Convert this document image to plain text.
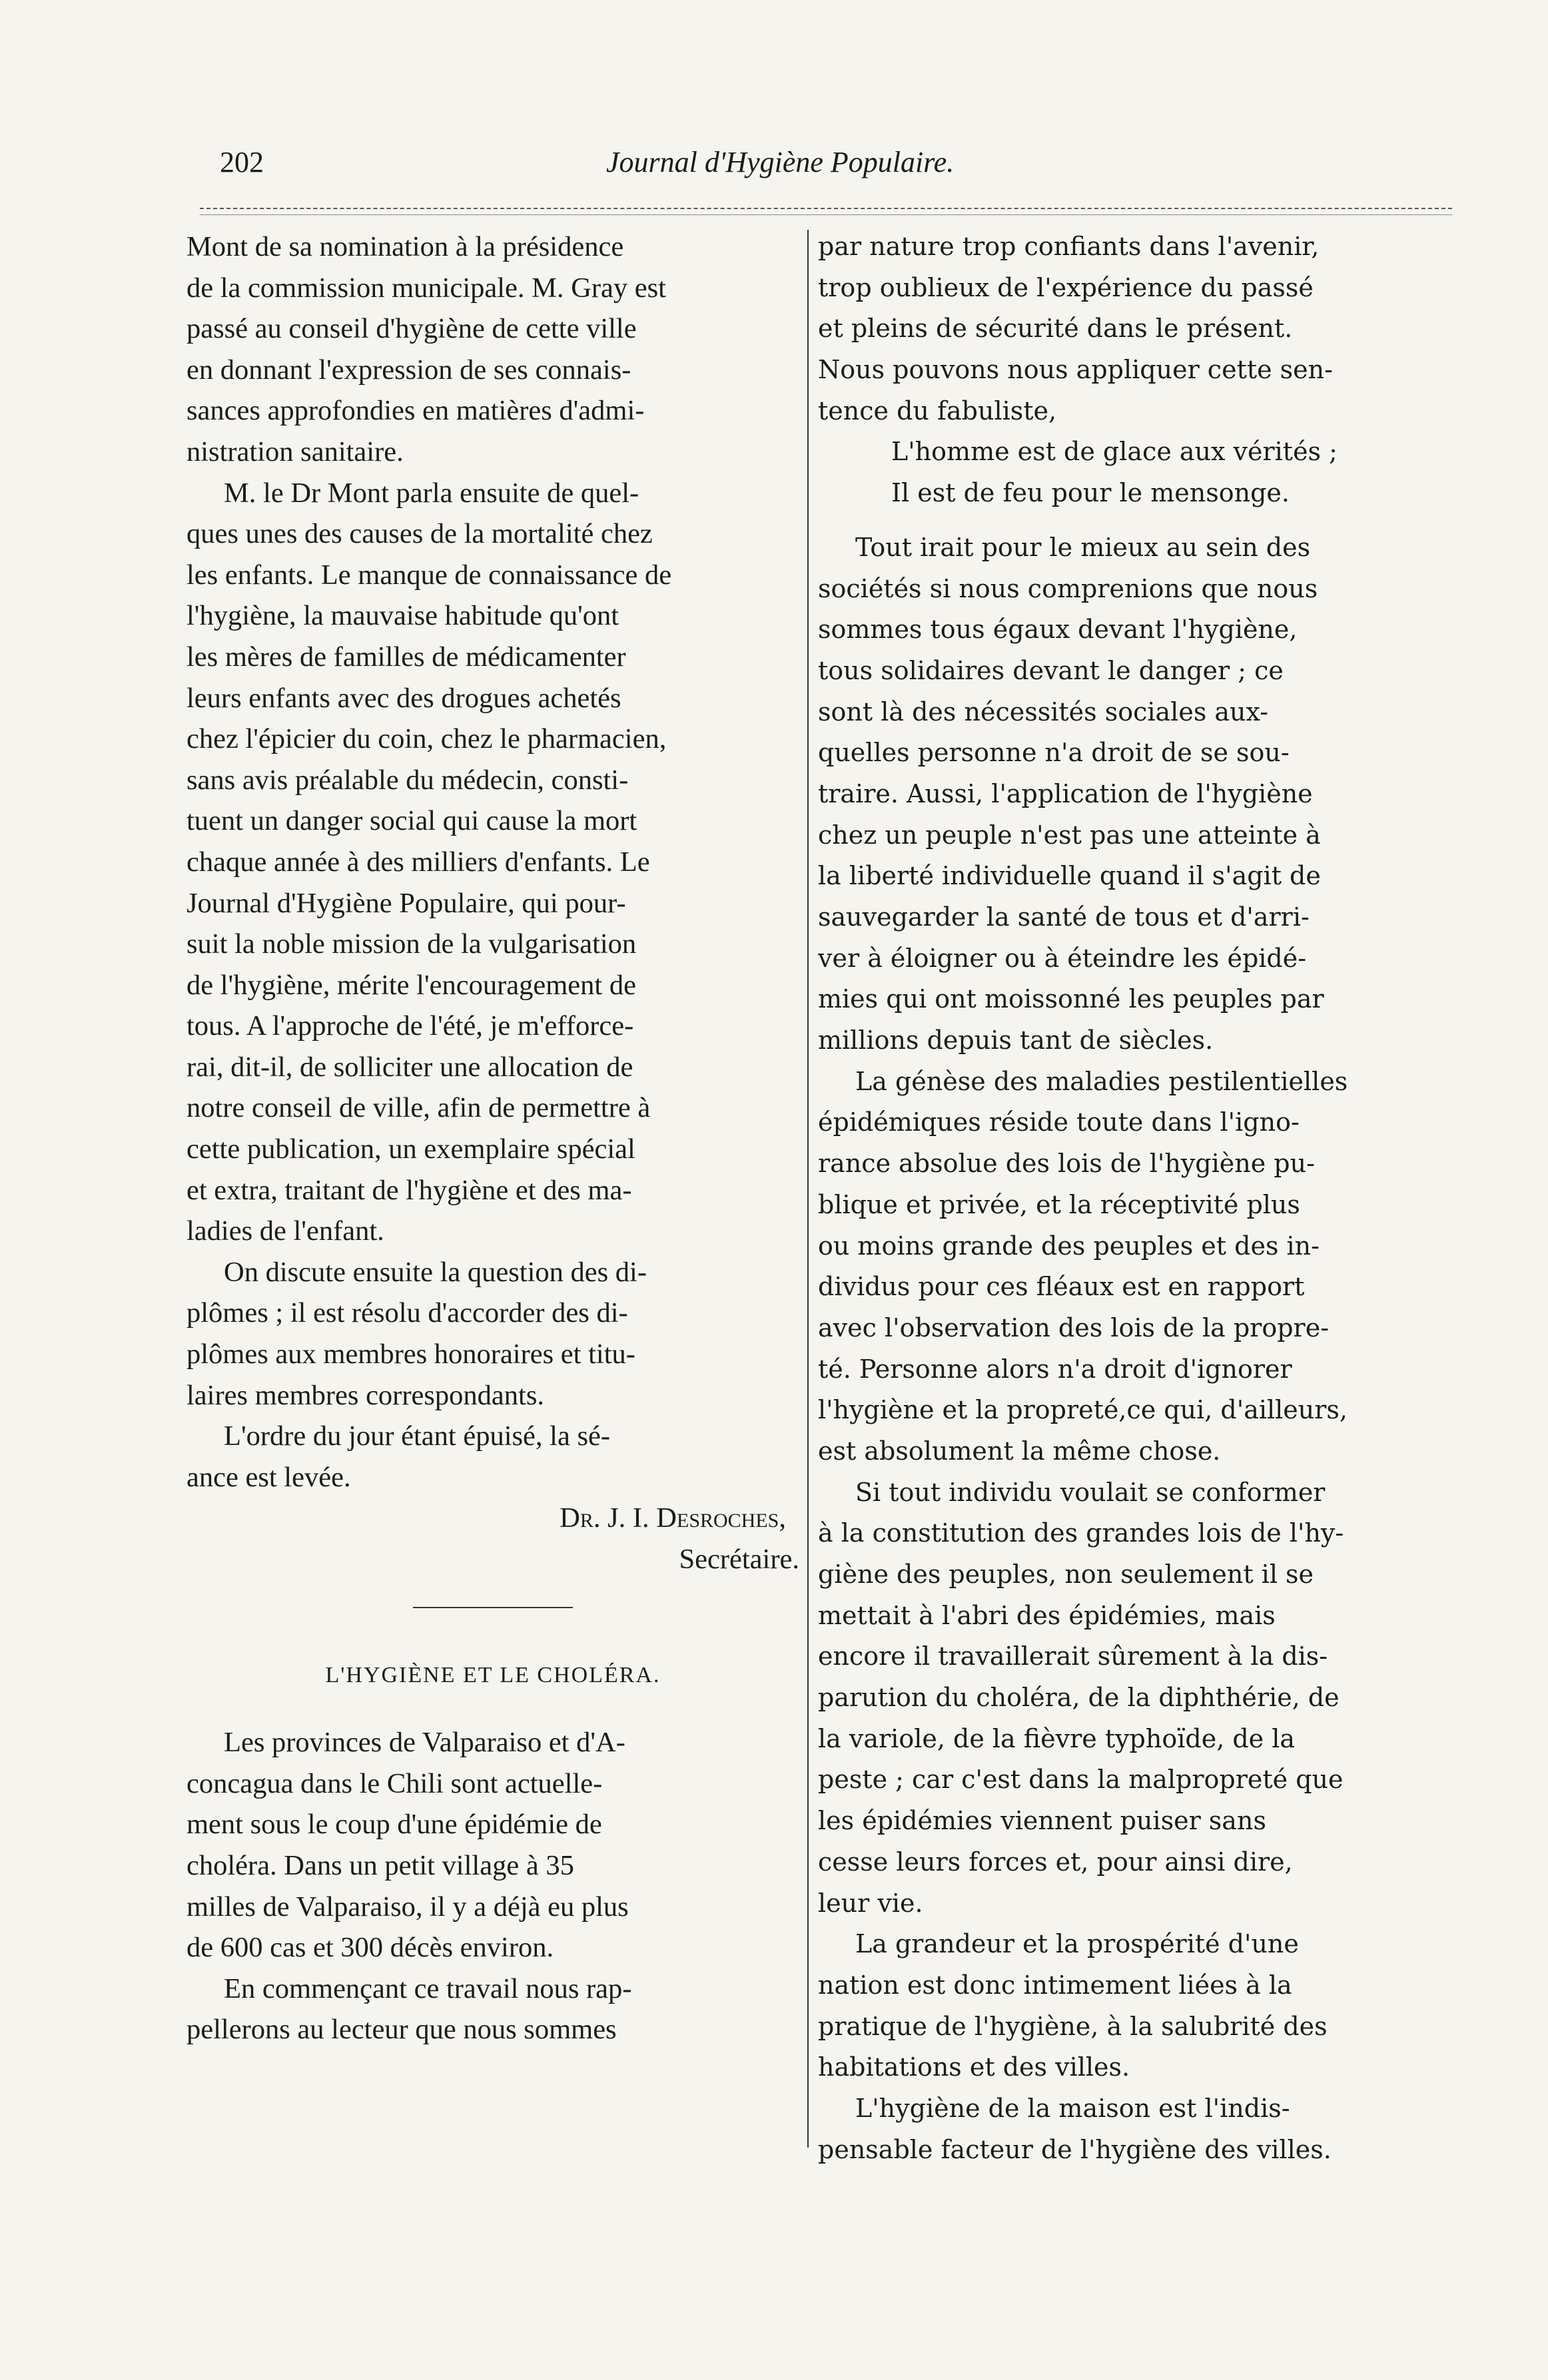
202	Journal d'Hygiène Populaire.
Mont de sa nomination à la présidence
de la commission municipale. M. Gray est
passé au conseil d'hygiène de cette ville
en donnant l'expression de ses connais-
sances approfondies en matières d'admi-
nistration sanitaire.
M. le Dr Mont parla ensuite de quel-
ques unes des causes de la mortalité chez
les enfants. Le manque de connaissance de
l'hygiène, la mauvaise habitude qu'ont
les mères de familles de médicamenter
leurs enfants avec des drogues achetés
chez l'épicier du coin, chez le pharmacien,
sans avis préalable du médecin, consti-
tuent un danger social qui cause la mort
chaque année à des milliers d'enfants. Le
Journal d'Hygiène Populaire, qui pour-
suit la noble mission de la vulgarisation
de l'hygiène, mérite l'encouragement de
tous. A l'approche de l'été, je m'efforce-
rai, dit-il, de solliciter une allocation de
notre conseil de ville, afin de permettre à
cette publication, un exemplaire spécial
et extra, traitant de l'hygiène et des ma-
ladies de l'enfant.
On discute ensuite la question des di-
plômes ; il est résolu d'accorder des di-
plômes aux membres honoraires et titu-
laires membres correspondants.
L'ordre du jour étant épuisé, la sé-
ance est levée.
Dr. J. I. Desroches,
Secrétaire.
L'HYGIÈNE ET LE CHOLÉRA.
Les provinces de Valparaiso et d'A-
concagua dans le Chili sont actuelle-
ment sous le coup d'une épidémie de
choléra. Dans un petit village à 35
milles de Valparaiso, il y a déjà eu plus
de 600 cas et 300 décès environ.
En commençant ce travail nous rap-
pellerons au lecteur que nous sommes
par nature trop confiants dans l'avenir,
trop oublieux de l'expérience du passé
et pleins de sécurité dans le présent.
Nous pouvons nous appliquer cette sen-
tence du fabuliste,
L'homme est de glace aux vérités ;
Il est de feu pour le mensonge.
Tout irait pour le mieux au sein des
sociétés si nous comprenions que nous
sommes tous égaux devant l'hygiène,
tous solidaires devant le danger ; ce
sont là des nécessités sociales aux-
quelles personne n'a droit de se sou-
traire. Aussi, l'application de l'hygiène
chez un peuple n'est pas une atteinte à
la liberté individuelle quand il s'agit de
sauvegarder la santé de tous et d'arri-
ver à éloigner ou à éteindre les épidé-
mies qui ont moissonné les peuples par
millions depuis tant de siècles.
La génèse des maladies pestilentielles
épidémiques réside toute dans l'igno-
rance absolue des lois de l'hygiène pu-
blique et privée, et la réceptivité plus
ou moins grande des peuples et des in-
dividus pour ces fléaux est en rapport
avec l'observation des lois de la propre-
té. Personne alors n'a droit d'ignorer
l'hygiène et la propreté,ce qui, d'ailleurs,
est absolument la même chose.
Si tout individu voulait se conformer
à la constitution des grandes lois de l'hy-
giène des peuples, non seulement il se
mettait à l'abri des épidémies, mais
encore il travaillerait sûrement à la dis-
parution du choléra, de la diphthérie, de
la variole, de la fièvre typhoïde, de la
peste ; car c'est dans la malpropreté que
les épidémies viennent puiser sans
cesse leurs forces et, pour ainsi dire,
leur vie.
La grandeur et la prospérité d'une
nation est donc intimement liées à la
pratique de l'hygiène, à la salubrité des
habitations et des villes.
L'hygiène de la maison est l'indis-
pensable facteur de l'hygiène des villes.
